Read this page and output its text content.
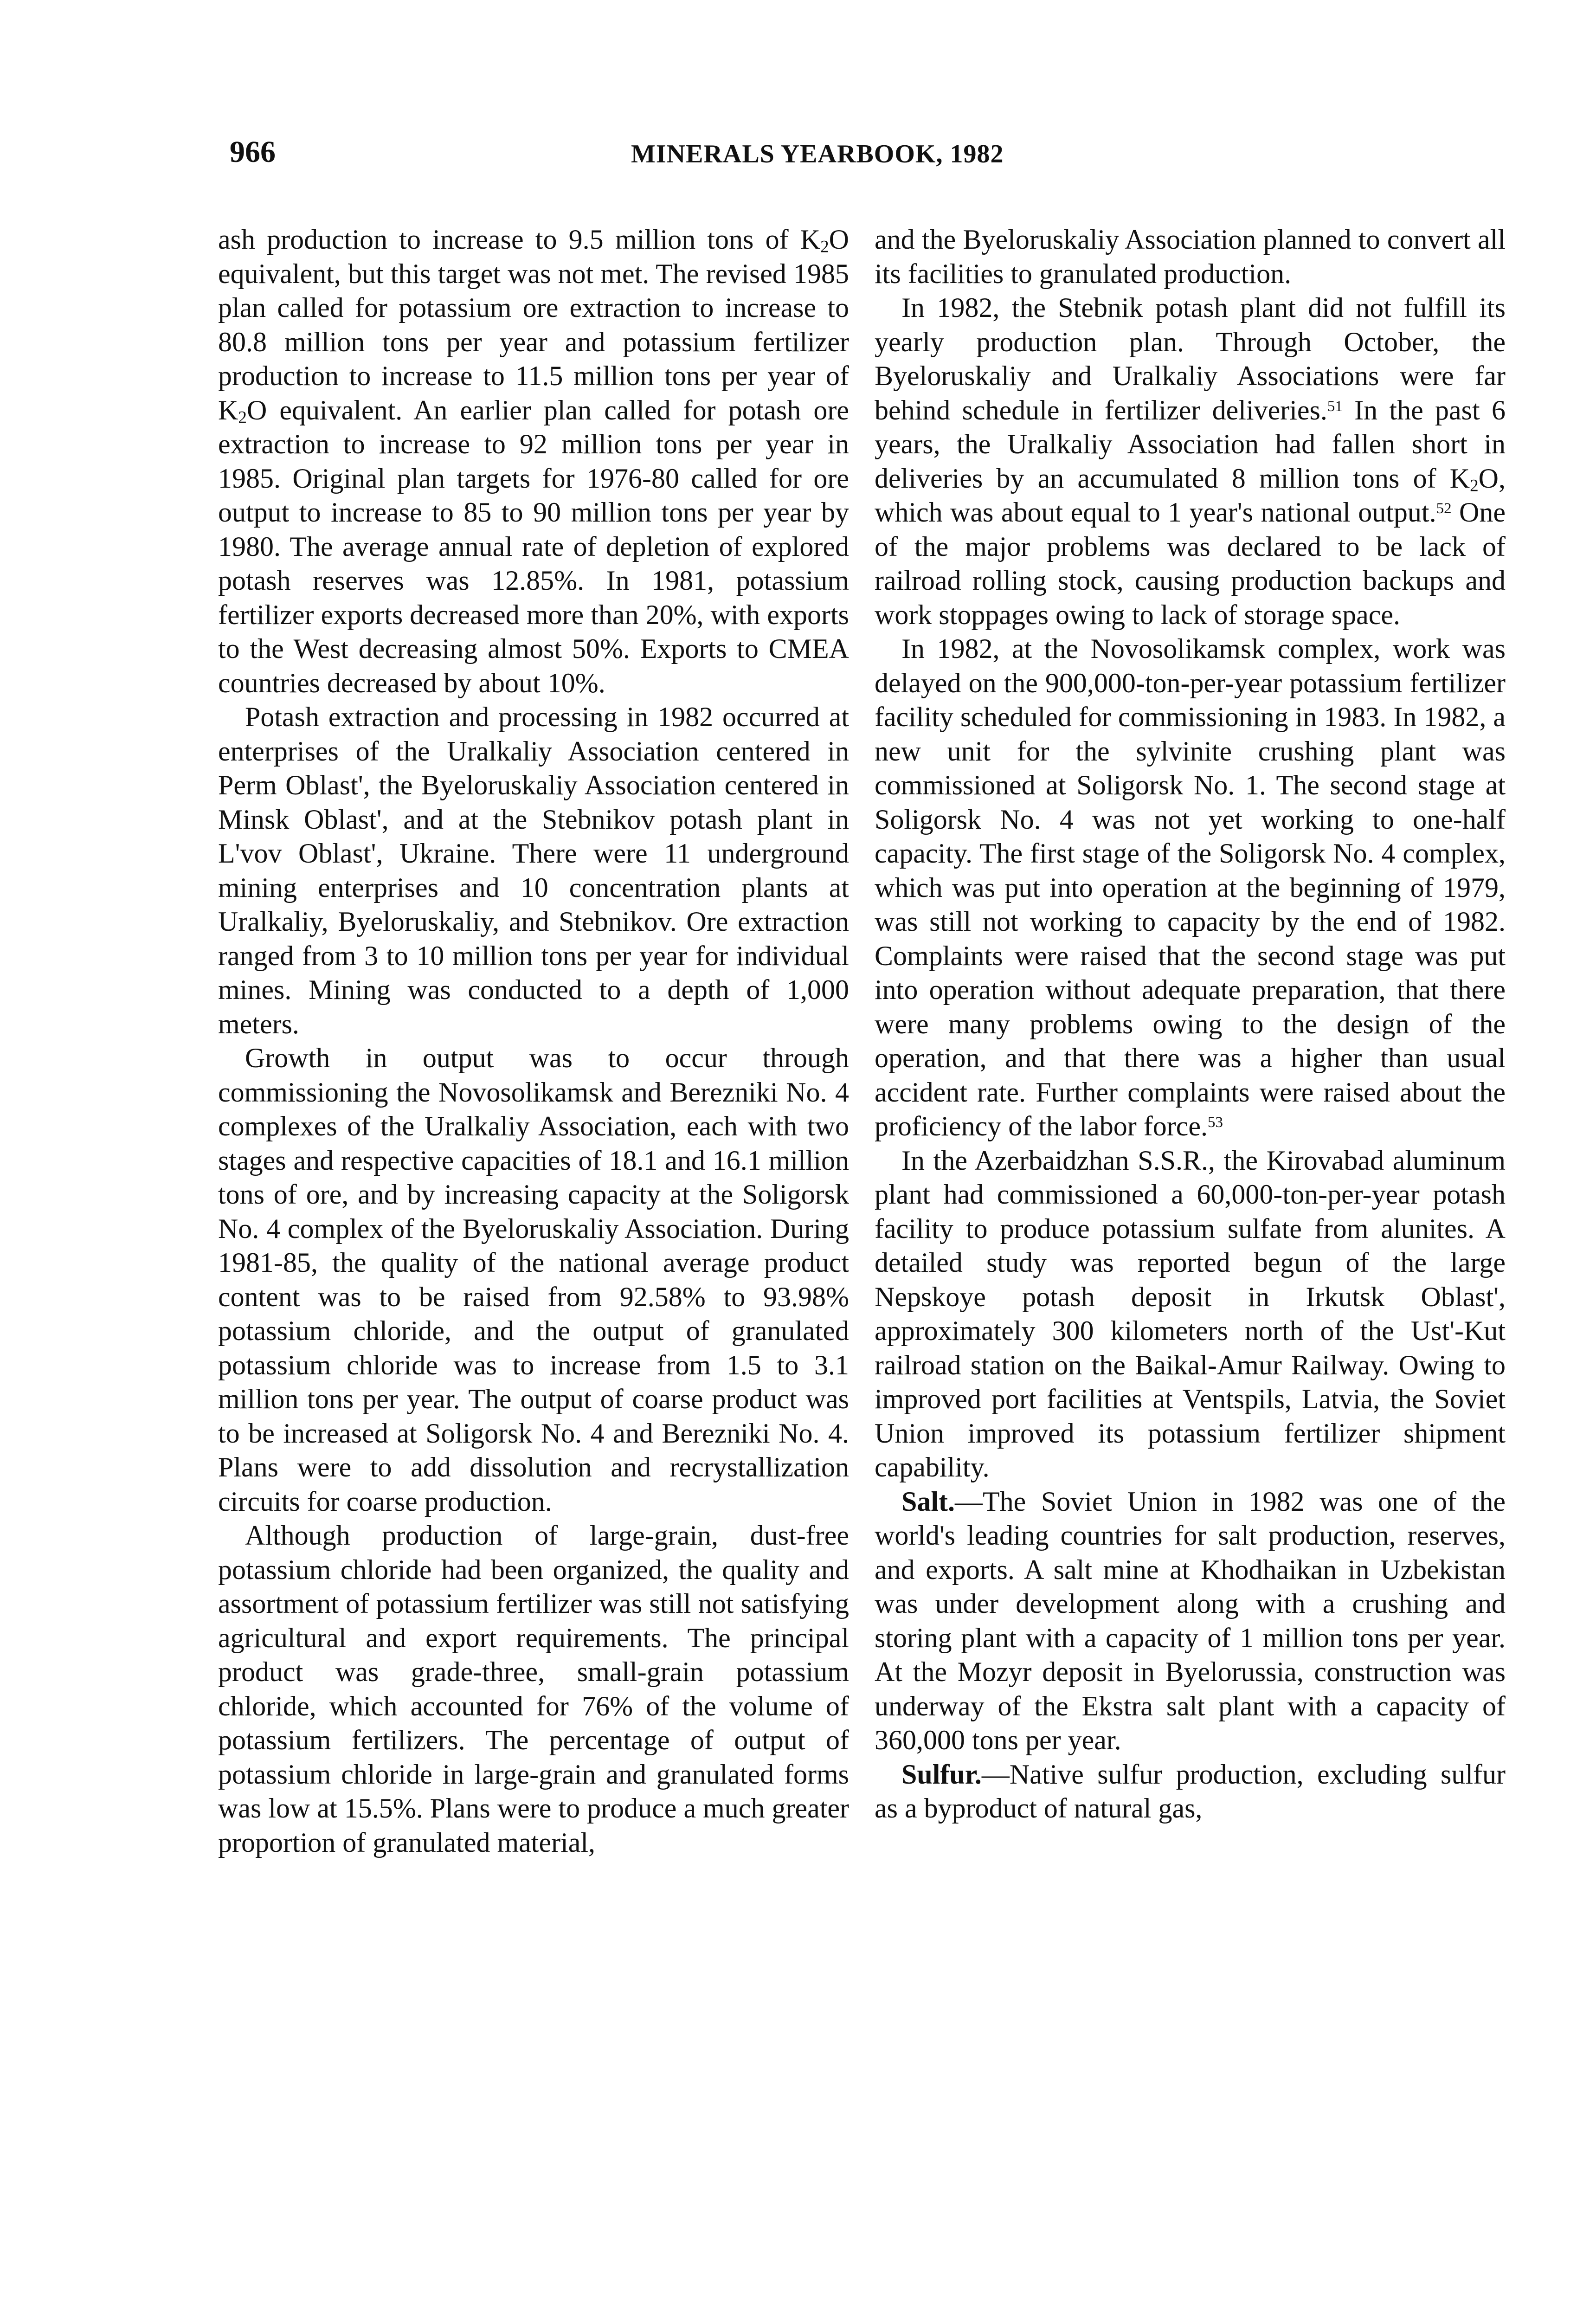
966	MINERALS YEARBOOK, 1982

ash production to increase to 9.5 million tons of $K_2O$ equivalent, but this target was not met. The revised 1985 plan called for potassium ore extraction to increase to 80.8 million tons per year and potassium fertilizer production to increase to 11.5 million tons per year of $K_2O$ equivalent. An earlier plan called for potash ore extraction to increase to 92 million tons per year in 1985. Original plan targets for 1976-80 called for ore output to increase to 85 to 90 million tons per year by 1980. The average annual rate of depletion of explored potash reserves was 12.85%. In 1981, potassium fertilizer exports decreased more than 20%, with exports to the West decreasing almost 50%. Exports to CMEA countries decreased by about 10%.

Potash extraction and processing in 1982 occurred at enterprises of the Uralkaliy Association centered in Perm Oblast', the Byeloruskaliy Association centered in Minsk Oblast', and at the Stebnikov potash plant in L'vov Oblast', Ukraine. There were 11 underground mining enterprises and 10 concentration plants at Uralkaliy, Byeloruskaliy, and Stebnikov. Ore extraction ranged from 3 to 10 million tons per year for individual mines. Mining was conducted to a depth of 1,000 meters.

Growth in output was to occur through commissioning the Novosolikamsk and Berezniki No. 4 complexes of the Uralkaliy Association, each with two stages and respective capacities of 18.1 and 16.1 million tons of ore, and by increasing capacity at the Soligorsk No. 4 complex of the Byeloruskaliy Association. During 1981-85, the quality of the national average product content was to be raised from 92.58% to 93.98% potassium chloride, and the output of granulated potassium chloride was to increase from 1.5 to 3.1 million tons per year. The output of coarse product was to be increased at Soligorsk No. 4 and Berezniki No. 4. Plans were to add dissolution and recrystallization circuits for coarse production.

Although production of large-grain, dust-free potassium chloride had been organized, the quality and assortment of potassium fertilizer was still not satisfying agricultural and export requirements. The principal product was grade-three, small-grain potassium chloride, which accounted for 76% of the volume of potassium fertilizers. The percentage of output of potassium chloride in large-grain and granulated forms was low at 15.5%. Plans were to produce a much greater proportion of granulated material,

and the Byeloruskaliy Association planned to convert all its facilities to granulated production.

In 1982, the Stebnik potash plant did not fulfill its yearly production plan. Through October, the Byeloruskaliy and Uralkaliy Associations were far behind schedule in fertilizer deliveries.$^{51}$ In the past 6 years, the Uralkaliy Association had fallen short in deliveries by an accumulated 8 million tons of $K_2O$, which was about equal to 1 year's national output.$^{52}$ One of the major problems was declared to be lack of railroad rolling stock, causing production backups and work stoppages owing to lack of storage space.

In 1982, at the Novosolikamsk complex, work was delayed on the 900,000-ton-per-year potassium fertilizer facility scheduled for commissioning in 1983. In 1982, a new unit for the sylvinite crushing plant was commissioned at Soligorsk No. 1. The second stage at Soligorsk No. 4 was not yet working to one-half capacity. The first stage of the Soligorsk No. 4 complex, which was put into operation at the beginning of 1979, was still not working to capacity by the end of 1982. Complaints were raised that the second stage was put into operation without adequate preparation, that there were many problems owing to the design of the operation, and that there was a higher than usual accident rate. Further complaints were raised about the proficiency of the labor force.$^{53}$

In the Azerbaidzhan S.S.R., the Kirovabad aluminum plant had commissioned a 60,000-ton-per-year potash facility to produce potassium sulfate from alunites. A detailed study was reported begun of the large Nepskoye potash deposit in Irkutsk Oblast', approximately 300 kilometers north of the Ust'-Kut railroad station on the Baikal-Amur Railway. Owing to improved port facilities at Ventspils, Latvia, the Soviet Union improved its potassium fertilizer shipment capability.

Salt.—The Soviet Union in 1982 was one of the world's leading countries for salt production, reserves, and exports. A salt mine at Khodhaikan in Uzbekistan was under development along with a crushing and storing plant with a capacity of 1 million tons per year. At the Mozyr deposit in Byelorussia, construction was underway of the Ekstra salt plant with a capacity of 360,000 tons per year.

Sulfur.—Native sulfur production, excluding sulfur as a byproduct of natural gas,
